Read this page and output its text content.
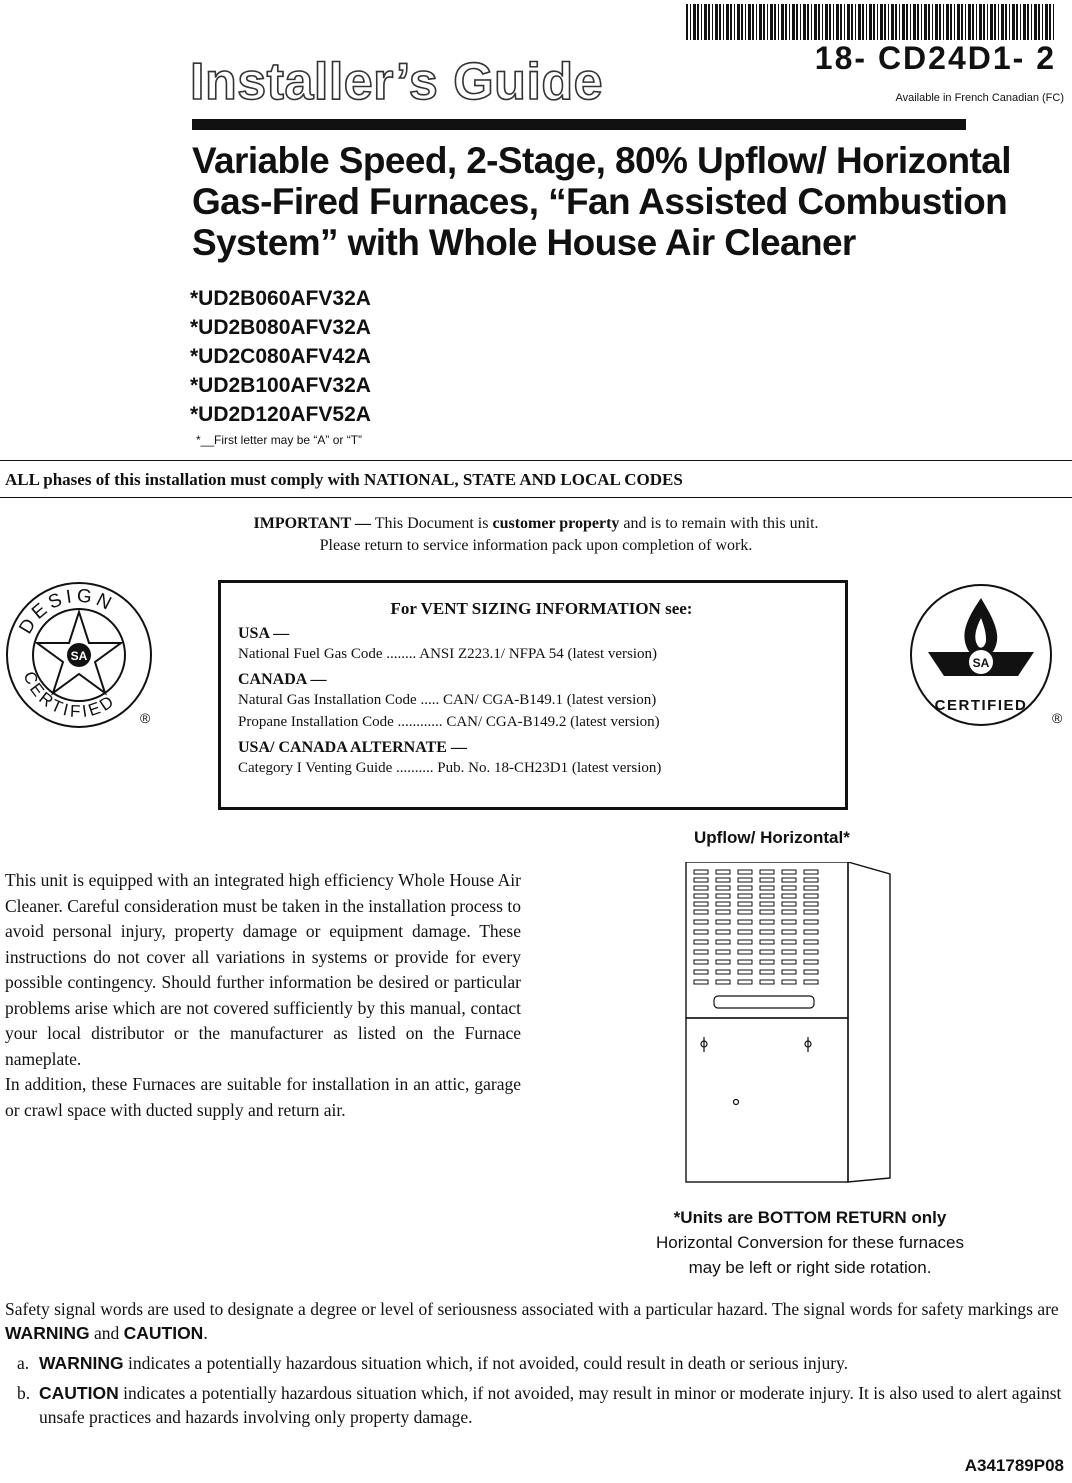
18- CD24D1- 2
Available in French Canadian (FC)
Installer’s Guide
Variable Speed, 2-Stage, 80% Upflow/ Horizontal Gas-Fired Furnaces, “Fan Assisted Combustion System” with Whole House Air Cleaner
*UD2B060AFV32A
*UD2B080AFV32A
*UD2C080AFV42A
*UD2B100AFV32A
*UD2D120AFV52A
*__First letter may be “A” or “T”
ALL phases of this installation must comply with NATIONAL, STATE AND LOCAL CODES
IMPORTANT — This Document is customer property and is to remain with this unit.
Please return to service information pack upon completion of work.
DESIGN
CERTIFIED
SA
®
For VENT SIZING INFORMATION see:
USA —
National Fuel Gas Code ........ ANSI Z223.1/ NFPA 54 (latest version)
CANADA —
Natural Gas Installation Code ..... CAN/ CGA-B149.1 (latest version)
Propane Installation Code ............ CAN/ CGA-B149.2 (latest version)
USA/ CANADA ALTERNATE —
Category I Venting Guide .......... Pub. No. 18-CH23D1 (latest version)
SA
CERTIFIED
®

This unit is equipped with an integrated high efficiency Whole House Air Cleaner. Careful consideration must be taken in the installation process to avoid personal injury, property damage or equipment damage. These instructions do not cover all variations in systems or provide for every possible contingency. Should further information be desired or particular problems arise which are not covered sufficiently by this manual, contact your local distributor or the manufacturer as listed on the Furnace nameplate.

In addition, these Furnaces are suitable for installation in an attic, garage or crawl space with ducted supply and return air.

Upflow/ Horizontal*
*Units are BOTTOM RETURN only
Horizontal Conversion for these furnaces
may be left or right side rotation.

Safety signal words are used to designate a degree or level of seriousness associated with a particular hazard. The signal words for safety markings are WARNING and CAUTION.

a. WARNING indicates a potentially hazardous situation which, if not avoided, could result in death or serious injury.
b. CAUTION indicates a potentially hazardous situation which, if not avoided, may result in minor or moderate injury. It is also used to alert against unsafe practices and hazards involving only property damage.
A341789P08
